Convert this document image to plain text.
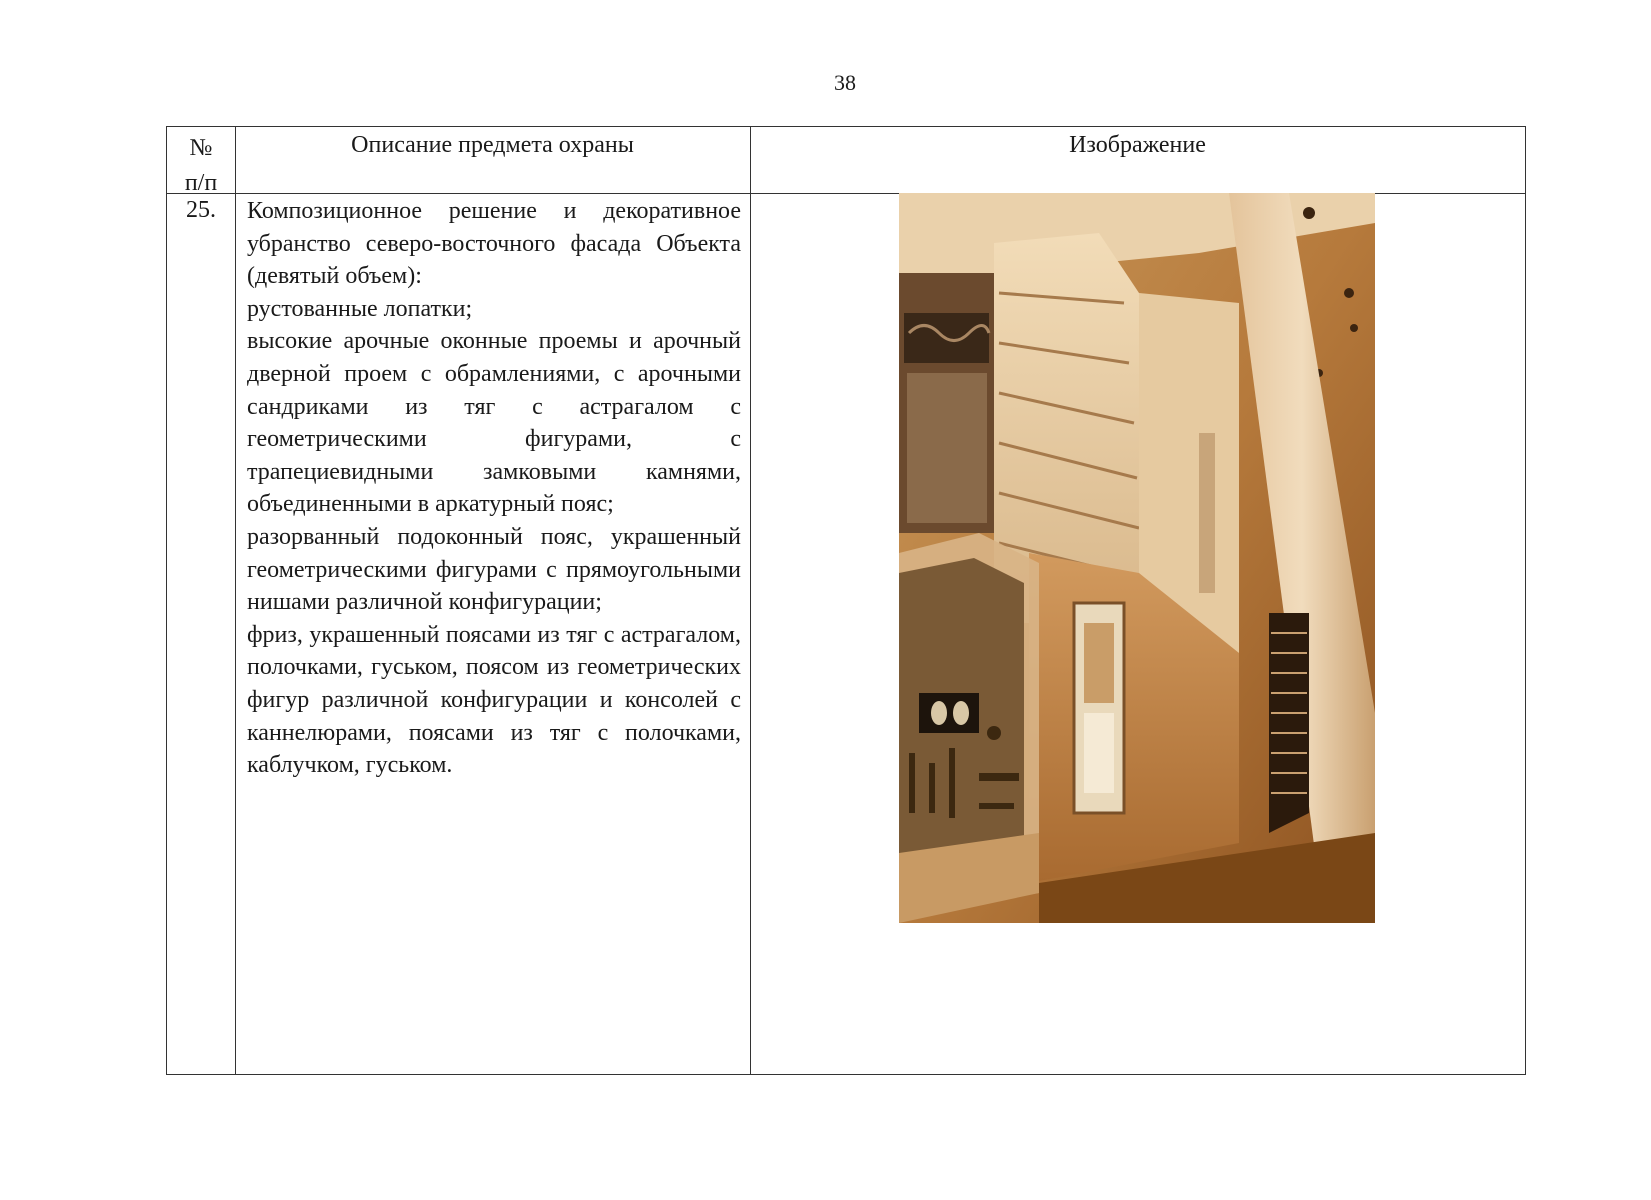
38
№
п/п
Описание предмета охраны	Изображение
25.	Композиционное решение и декоративное убранство северо-восточного фасада Объекта (девятый объем):

рустованные лопатки;

высокие арочные оконные проемы и арочный дверной проем с обрамлениями, с арочными сандриками из тяг с астрагалом с геометрическими фигурами, с трапециевидными замковыми камнями, объединенными в аркатурный пояс;

разорванный подоконный пояс, украшенный геометрическими фигурами с прямоугольными нишами различной конфигурации;

фриз, украшенный поясами из тяг с астрагалом, полочками, гуськом, поясом из геометрических фигур различной конфигурации и консолей с каннелюрами, поясами из тяг с полочками, каблучком, гуськом.
